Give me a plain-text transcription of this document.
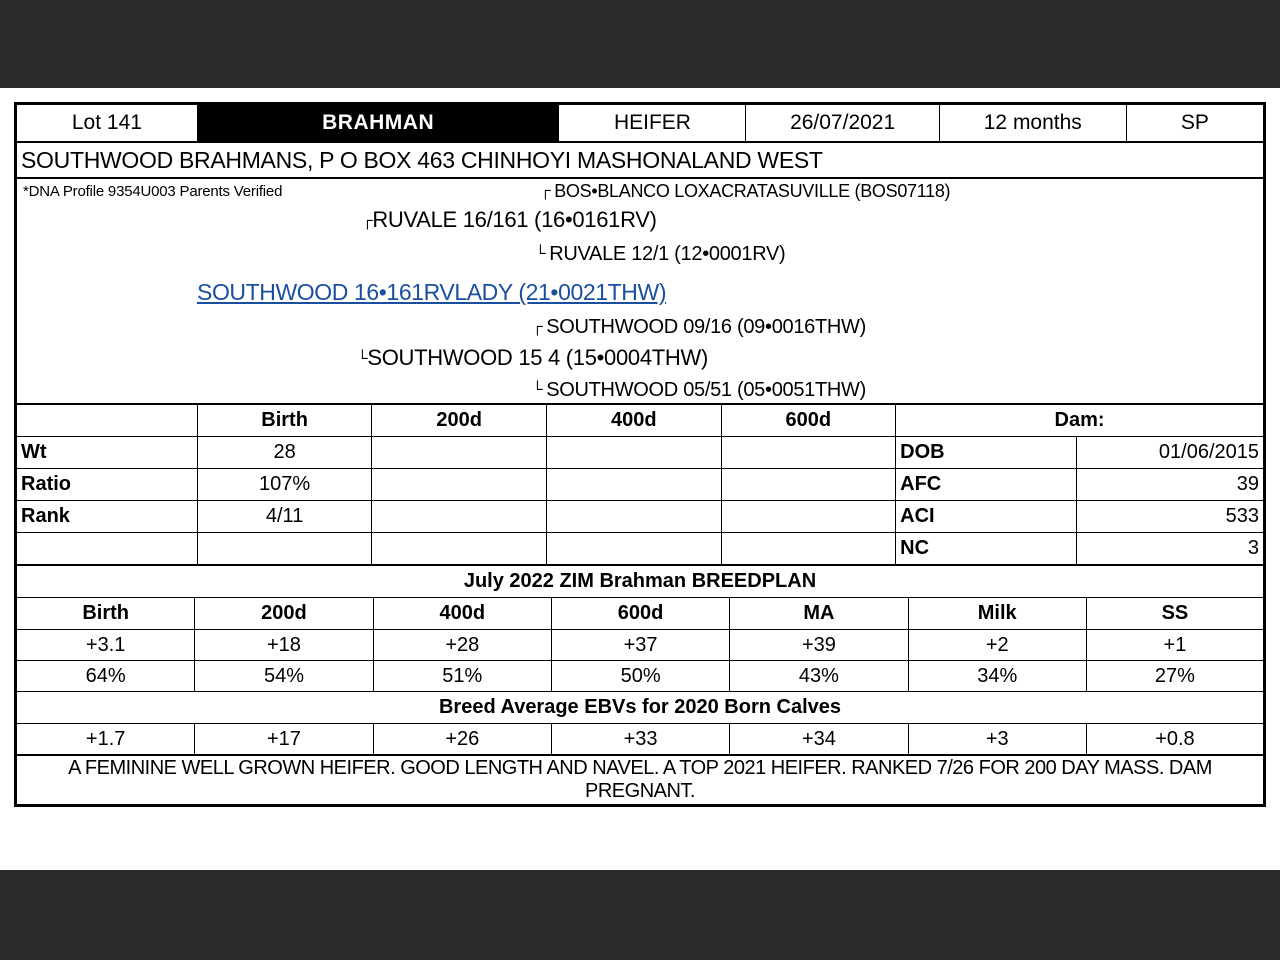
Lot 141	BRAHMAN	HEIFER	26/07/2021	12 months	SP
SOUTHWOOD BRAHMANS, P O BOX 463 CHINHOYI MASHONALAND WEST
*DNA Profile 9354U003 Parents Verified	┌ BOS•BLANCO LOXACRATASUVILLE (BOS07118)
┌RUVALE 16/161 (16•0161RV)
└ RUVALE 12/1 (12•0001RV)
SOUTHWOOD 16•161RVLADY (21•0021THW)
┌ SOUTHWOOD 09/16 (09•0016THW)
└SOUTHWOOD 15 4 (15•0004THW)
└ SOUTHWOOD 05/51 (05•0051THW)
	Birth	200d	400d	600d	Dam:	
Wt	28				DOB	01/06/2015
Ratio	107%				AFC	39
Rank	4/11				ACI	533
					NC	3
July 2022 ZIM Brahman BREEDPLAN						
Birth	200d	400d	600d	MA	Milk	SS
+3.1	+18	+28	+37	+39	+2	+1
64%	54%	51%	50%	43%	34%	27%
Breed Average EBVs for 2020 Born Calves						
+1.7	+17	+26	+33	+34	+3	+0.8
A FEMININE WELL GROWN HEIFER. GOOD LENGTH AND NAVEL. A TOP 2021 HEIFER. RANKED 7/26 FOR 200 DAY MASS. DAM PREGNANT.
